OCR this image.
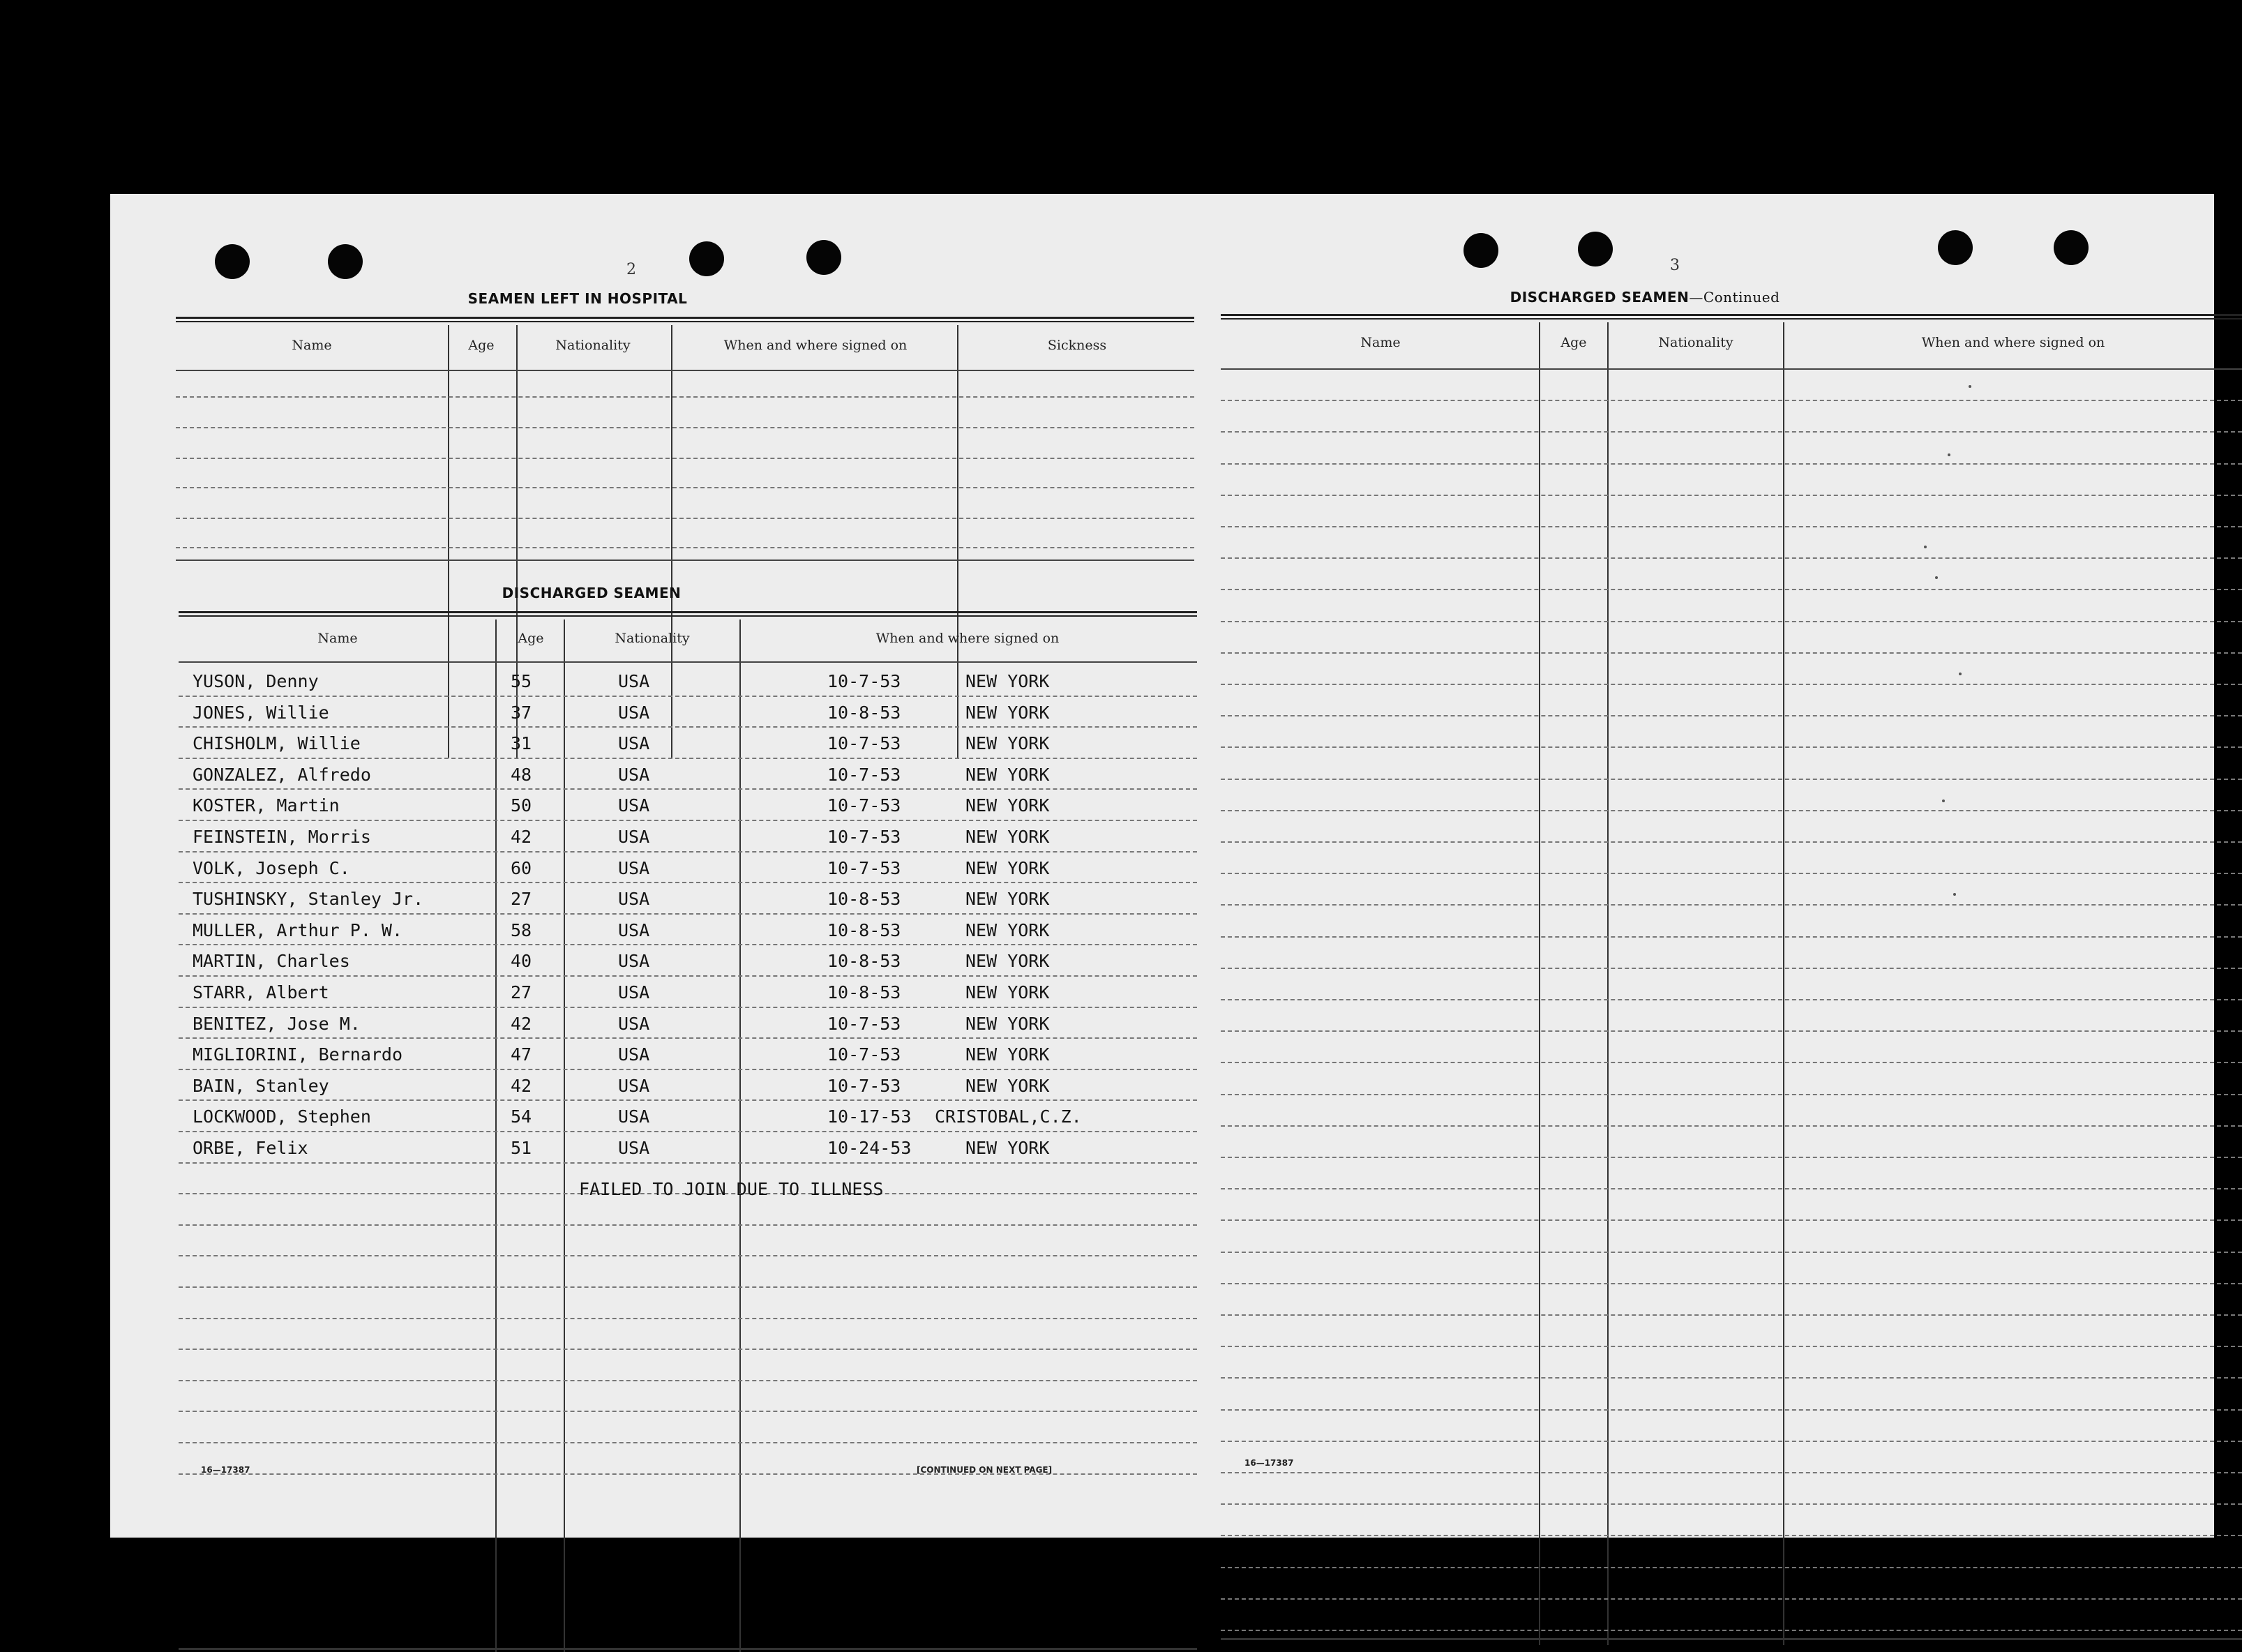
2
SEAMEN LEFT IN HOSPITAL
Name	Age	Nationality	When and where signed on	Sickness
DISCHARGED SEAMEN
Name	Age	Nationality	When and where signed on
YUSON, Denny	55	USA	10-7-53	NEW YORK
JONES, Willie	37	USA	10-8-53	NEW YORK
CHISHOLM, Willie	31	USA	10-7-53	NEW YORK
GONZALEZ, Alfredo	48	USA	10-7-53	NEW YORK
KOSTER, Martin	50	USA	10-7-53	NEW YORK
FEINSTEIN, Morris	42	USA	10-7-53	NEW YORK
VOLK, Joseph C.	60	USA	10-7-53	NEW YORK
TUSHINSKY, Stanley Jr.	27	USA	10-8-53	NEW YORK
MULLER, Arthur P. W.	58	USA	10-8-53	NEW YORK
MARTIN, Charles	40	USA	10-8-53	NEW YORK
STARR, Albert	27	USA	10-8-53	NEW YORK
BENITEZ, Jose M.	42	USA	10-7-53	NEW YORK
MIGLIORINI, Bernardo	47	USA	10-7-53	NEW YORK
BAIN, Stanley	42	USA	10-7-53	NEW YORK
LOCKWOOD, Stephen	54	USA	10-17-53 CRISTOBAL,C.Z.
ORBE, Felix	51	USA	10-24-53	NEW YORK
FAILED TO JOIN DUE TO ILLNESS
16—17387	[CONTINUED ON NEXT PAGE]
3
DISCHARGED SEAMEN—Continued
Name	Age	Nationality	When and where signed on
16—17387
